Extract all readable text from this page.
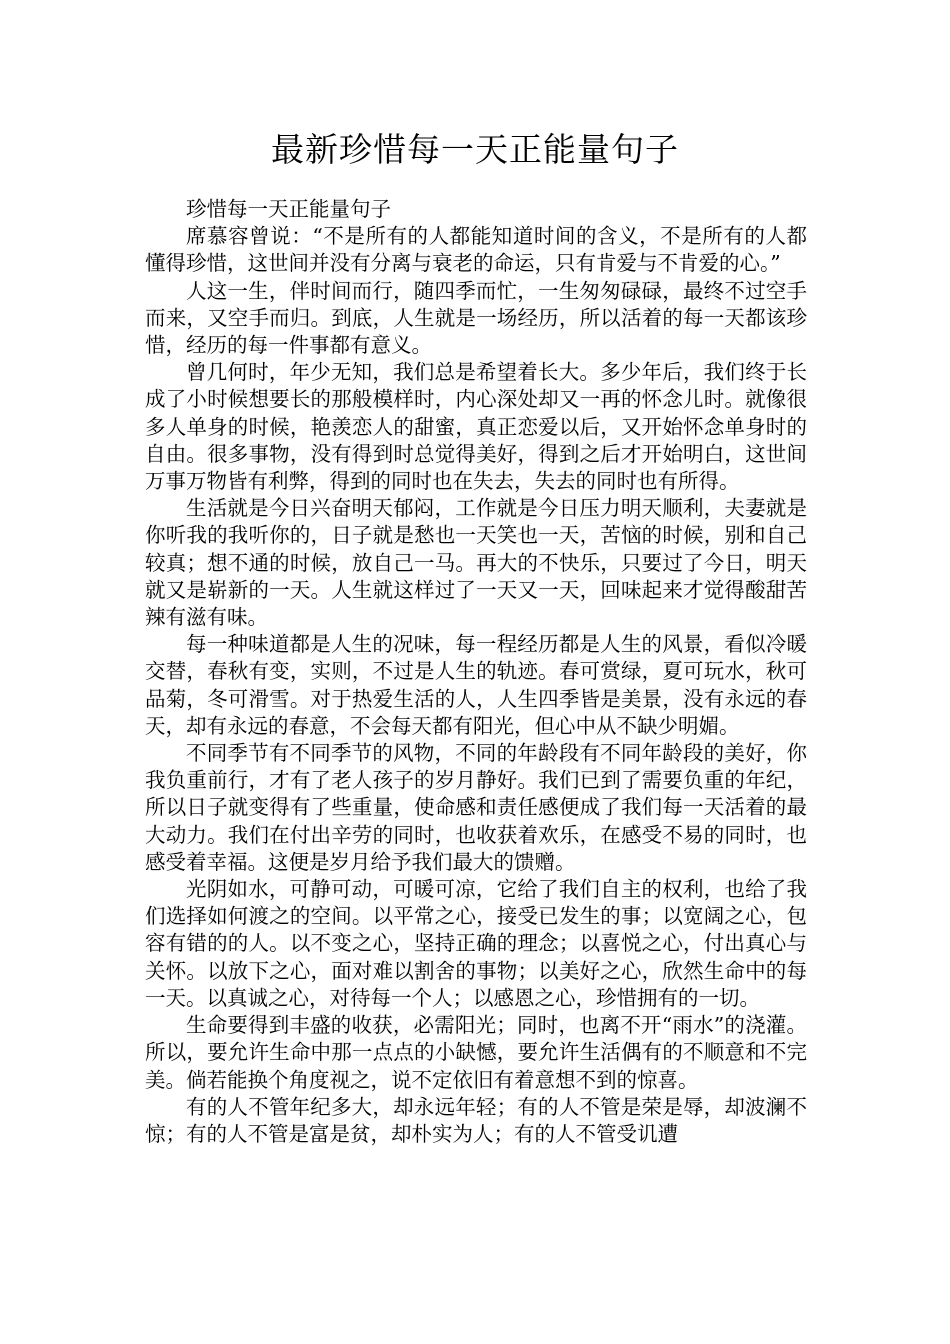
最新珍惜每一天正能量句子

珍惜每一天正能量句子

席慕容曾说：“不是所有的人都能知道时间的含义，不是所有的人都懂得珍惜，这世间并没有分离与衰老的命运，只有肯爱与不肯爱的心。”

人这一生，伴时间而行，随四季而忙，一生匆匆碌碌，最终不过空手而来，又空手而归。到底，人生就是一场经历，所以活着的每一天都该珍惜，经历的每一件事都有意义。

曾几何时，年少无知，我们总是希望着长大。多少年后，我们终于长成了小时候想要长的那般模样时，内心深处却又一再的怀念儿时。就像很多人单身的时候，艳羡恋人的甜蜜，真正恋爱以后，又开始怀念单身时的自由。很多事物，没有得到时总觉得美好，得到之后才开始明白，这世间万事万物皆有利弊，得到的同时也在失去，失去的同时也有所得。

生活就是今日兴奋明天郁闷，工作就是今日压力明天顺利，夫妻就是你听我的我听你的，日子就是愁也一天笑也一天，苦恼的时候，别和自己较真；想不通的时候，放自己一马。再大的不快乐，只要过了今日，明天就又是崭新的一天。人生就这样过了一天又一天，回味起来才觉得酸甜苦辣有滋有味。

每一种味道都是人生的况味，每一程经历都是人生的风景，看似冷暖交替，春秋有变，实则，不过是人生的轨迹。春可赏绿，夏可玩水，秋可品菊，冬可滑雪。对于热爱生活的人，人生四季皆是美景，没有永远的春天，却有永远的春意，不会每天都有阳光，但心中从不缺少明媚。

不同季节有不同季节的风物，不同的年龄段有不同年龄段的美好，你我负重前行，才有了老人孩子的岁月静好。我们已到了需要负重的年纪，所以日子就变得有了些重量，使命感和责任感便成了我们每一天活着的最大动力。我们在付出辛劳的同时，也收获着欢乐，在感受不易的同时，也感受着幸福。这便是岁月给予我们最大的馈赠。

光阴如水，可静可动，可暖可凉，它给了我们自主的权利，也给了我们选择如何渡之的空间。以平常之心，接受已发生的事；以宽阔之心，包容有错的的人。以不变之心，坚持正确的理念；以喜悦之心，付出真心与关怀。以放下之心，面对难以割舍的事物；以美好之心，欣然生命中的每一天。以真诚之心，对待每一个人；以感恩之心，珍惜拥有的一切。

生命要得到丰盛的收获，必需阳光；同时，也离不开“雨水”的浇灌。所以，要允许生命中那一点点的小缺憾，要允许生活偶有的不顺意和不完美。倘若能换个角度视之，说不定依旧有着意想不到的惊喜。

有的人不管年纪多大，却永远年轻；有的人不管是荣是辱，却波澜不惊；有的人不管是富是贫，却朴实为人；有的人不管受讥遭
